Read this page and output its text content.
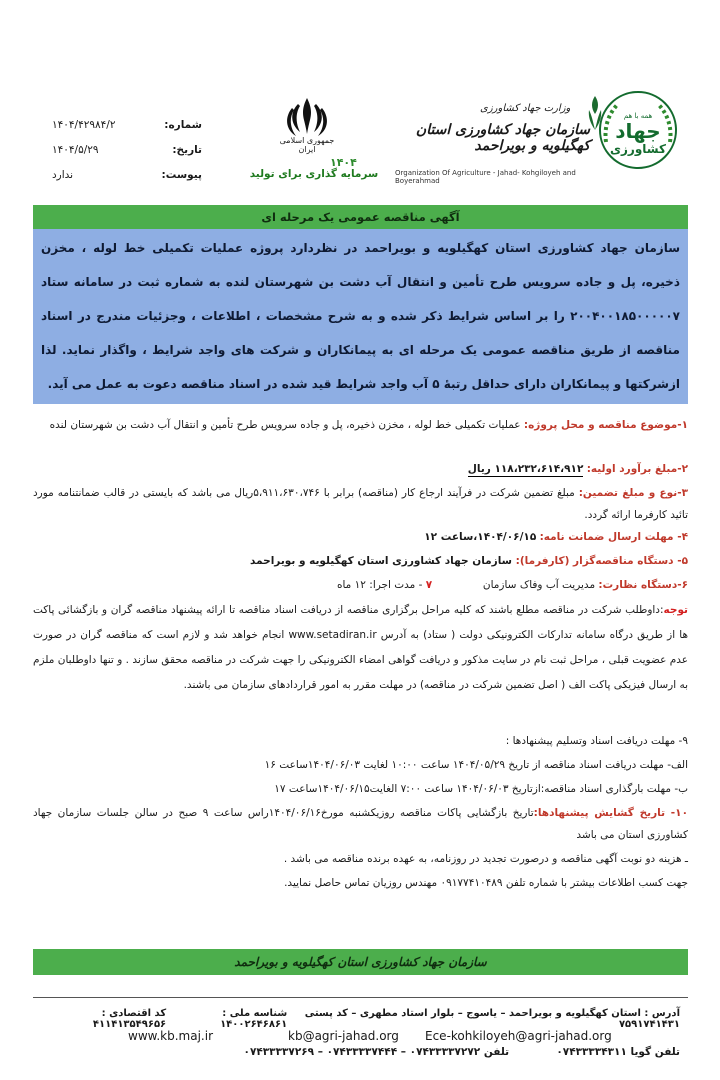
شماره:
۱۴۰۴/۴۲۹۸۴/۲
تاریخ:
۱۴۰۴/۵/۲۹
پیوست:
ندارد
جمهوری اسلامی ایران
۱۴۰۴
سرمایه گذاری برای تولید
وزارت جهاد کشاورزی
سازمان جهاد کشاورزی استان کهگیلویه و بویراحمد
Organization Of Agriculture - Jahad- Kohgiloyeh and Boyerahmad
همه با هم
جهاد
کشاورزی
آگهی مناقصه عمومی یک مرحله ای
سازمان جهاد کشاورزی استان کهگیلویه و بویراحمد در نظردارد پروژه عملیات تکمیلی خط لوله ، مخزن ذخیره، پل و جاده سرویس طرح تأمین و انتقال آب دشت بن شهرستان لنده به شماره ثبت در سامانه ستاد ۲۰۰۴۰۰۱۸۵۰۰۰۰۰۷ را بر اساس شرایط ذکر شده و به شرح مشخصات ، اطلاعات ، وجزئیات مندرج در اسناد مناقصه از طریق مناقصه عمومی یک مرحله ای به پیمانکاران و شرکت های واجد شرایط ، واگذار نماید. لذا ازشرکتها و پیمانکاران دارای حداقل رتبۀ ۵ آب واجد شرایط قید شده در اسناد مناقصه دعوت به عمل می آید.
۱-موضوع مناقصه و محل پروژه: عملیات تکمیلی خط لوله ، مخزن ذخیره، پل و جاده سرویس طرح تأمین و انتقال آب دشت بن شهرستان لنده
۲-مبلغ برآورد اولیه: ۱۱۸،۲۳۲،۶۱۴،۹۱۲ ریال
۳-نوع و مبلغ تضمین: مبلغ تضمین شرکت در فرآیند ارجاع کار (مناقصه) برابر با ۵،۹۱۱،۶۳۰،۷۴۶ریال می باشد که بایستی در قالب ضمانتنامه مورد تائید کارفرما ارائه گردد.
۴- مهلت ارسال ضمانت نامه: ۱۴۰۴/۰۶/۱۵،ساعت ۱۲
۵- دستگاه مناقصه‌گزار (کارفرما): سازمان جهاد کشاورزی استان کهگیلویه و بویراحمد
۶-دستگاه نظارت: مدیریت آب وفاک سازمان  ۷ - مدت اجرا: ۱۲ ماه
توجه:داوطلب شرکت در مناقصه مطلع باشند که کلیه مراحل برگزاری مناقصه از دریافت اسناد مناقصه تا ارائه پیشنهاد مناقصه گران و بازگشائی پاکت ها از طریق درگاه سامانه تدارکات الکترونیکی دولت ( ستاد) به آدرس www.setadiran.ir انجام خواهد شد و لازم است که مناقصه گران در صورت عدم عضویت قبلی ، مراحل ثبت نام در سایت مذکور و دریافت گواهی امضاء الکترونیکی را جهت شرکت در مناقصه محقق سازند . و تنها داوطلبان ملزم به ارسال فیزیکی پاکت الف ( اصل تضمین شرکت در مناقصه) در مهلت مقرر به امور قراردادهای سازمان می باشند.
۹- مهلت دریافت اسناد وتسلیم پیشنهادها :
الف- مهلت دریافت اسناد مناقصه از تاریخ ۱۴۰۴/۰۵/۲۹ ساعت ۱۰:۰۰ لغایت ۱۴۰۴/۰۶/۰۳ساعت ۱۶
ب- مهلت بارگذاری اسناد مناقصه:ازتاریخ ۱۴۰۴/۰۶/۰۳ ساعت ۷:۰۰ الغایت۱۴۰۴/۰۶/۱۵ساعت ۱۷
۱۰- تاریخ گشایش پیشنهادها:تاریخ بازگشایی پاکات مناقصه روزیکشنبه مورخ۱۴۰۴/۰۶/۱۶راس ساعت ۹ صبح در سالن جلسات سازمان جهاد کشاورزی استان می باشد
ـ هزینه دو نوبت آگهی مناقصه و درصورت تجدید در روزنامه، به عهده برنده مناقصه می باشد .
جهت کسب اطلاعات بیشتر با شماره تلفن ۰۹۱۷۷۴۱۰۴۸۹ مهندس روزیان تماس حاصل نمایید.
سازمان جهاد کشاورزی استان کهگیلویه و بویراحمد
آدرس : استان کهگیلویه و بویراحمد – یاسوج – بلوار استاد مطهری – کد پستی ۷۵۹۱۷۴۱۴۳۱
شناسه ملی : ۱۴۰۰۲۶۴۶۸۶۱
کد اقتصادی : ۴۱۱۴۱۳۵۴۹۶۵۶
www.kb.maj.ir	kb@agri-jahad.org Ece-kohkiloyeh@agri-jahad.org
تلفن گویا ۰۷۴۳۳۳۳۴۳۱۱  تلفن ۰۷۴۳۳۳۳۷۲۷۲ – ۰۷۴۳۳۳۳۷۴۴۴ – ۰۷۴۳۳۳۳۷۲۶۹
